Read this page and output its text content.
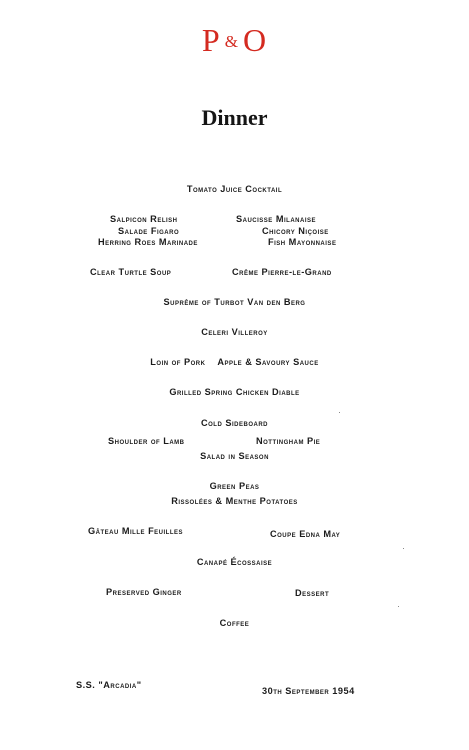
P & O
Dinner
Tomato Juice Cocktail
Salpicon Relish	Saucisse Milanaise
Salade Figaro	Chicory Niçoise
Herring Roes Marinade	Fish Mayonnaise
Clear Turtle Soup	Crême Pierre-le-Grand
Suprême of Turbot Van den Berg
Celeri Villeroy
Loin of Pork    Apple & Savoury Sauce
Grilled Spring Chicken Diable
Cold Sideboard
Shoulder of Lamb	Nottingham Pie
Salad in Season
Green Peas
Rissolées & Menthe Potatoes
Gâteau Mille Feuilles	Coupe Edna May
Canapé Écossaise
Preserved Ginger	Dessert
Coffee
S.S. "Arcadia"
30th September 1954
